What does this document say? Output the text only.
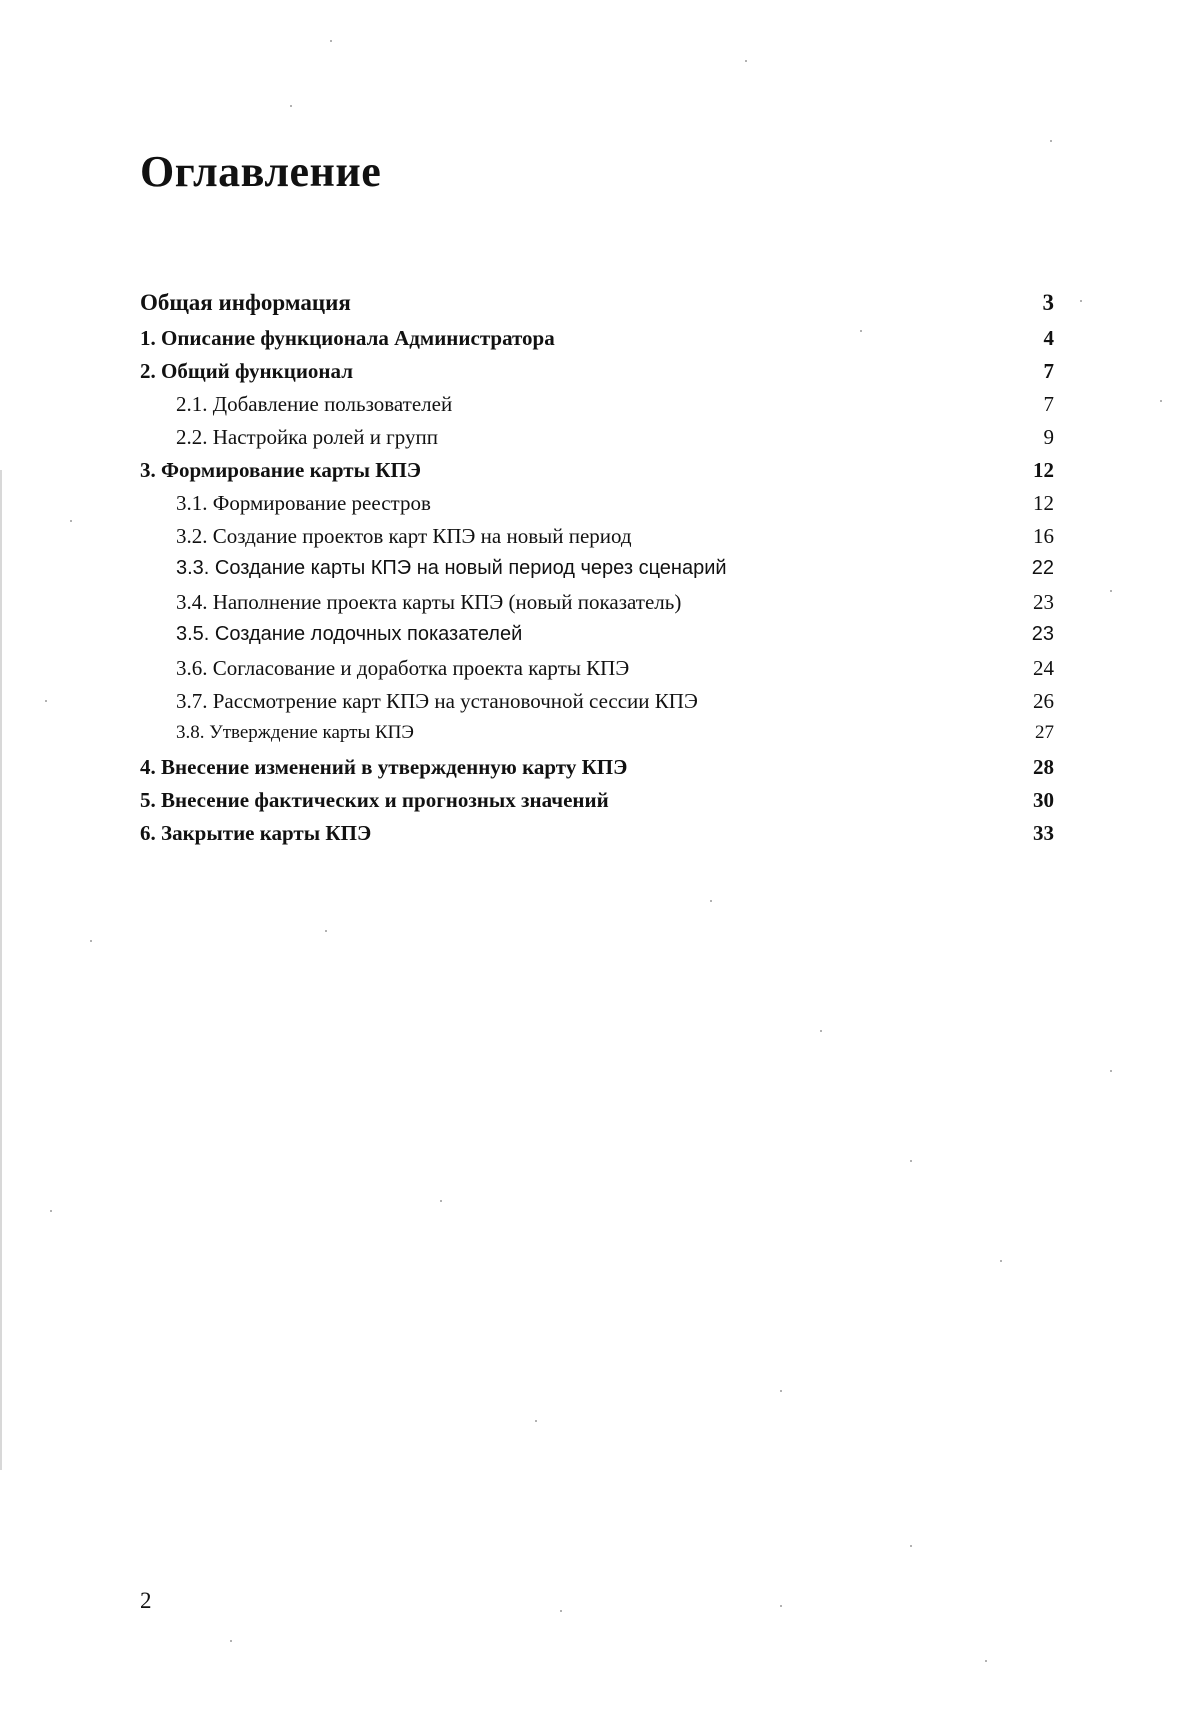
Оглавление
Общая информация	3
1. Описание функционала Администратора	4
2. Общий функционал	7
2.1. Добавление пользователей	7
2.2. Настройка ролей и групп	9
3. Формирование карты КПЭ	12
3.1. Формирование реестров	12
3.2. Создание проектов карт КПЭ на новый период	16
3.3. Создание карты КПЭ на новый период через сценарий	22
3.4. Наполнение проекта карты КПЭ (новый показатель)	23
3.5. Создание лодочных показателей	23
3.6. Согласование и доработка проекта карты КПЭ	24
3.7. Рассмотрение карт КПЭ на установочной сессии КПЭ	26
3.8. Утверждение карты КПЭ	27
4. Внесение изменений в утвержденную карту КПЭ	28
5. Внесение фактических и прогнозных значений	30
6. Закрытие карты КПЭ	33
2
